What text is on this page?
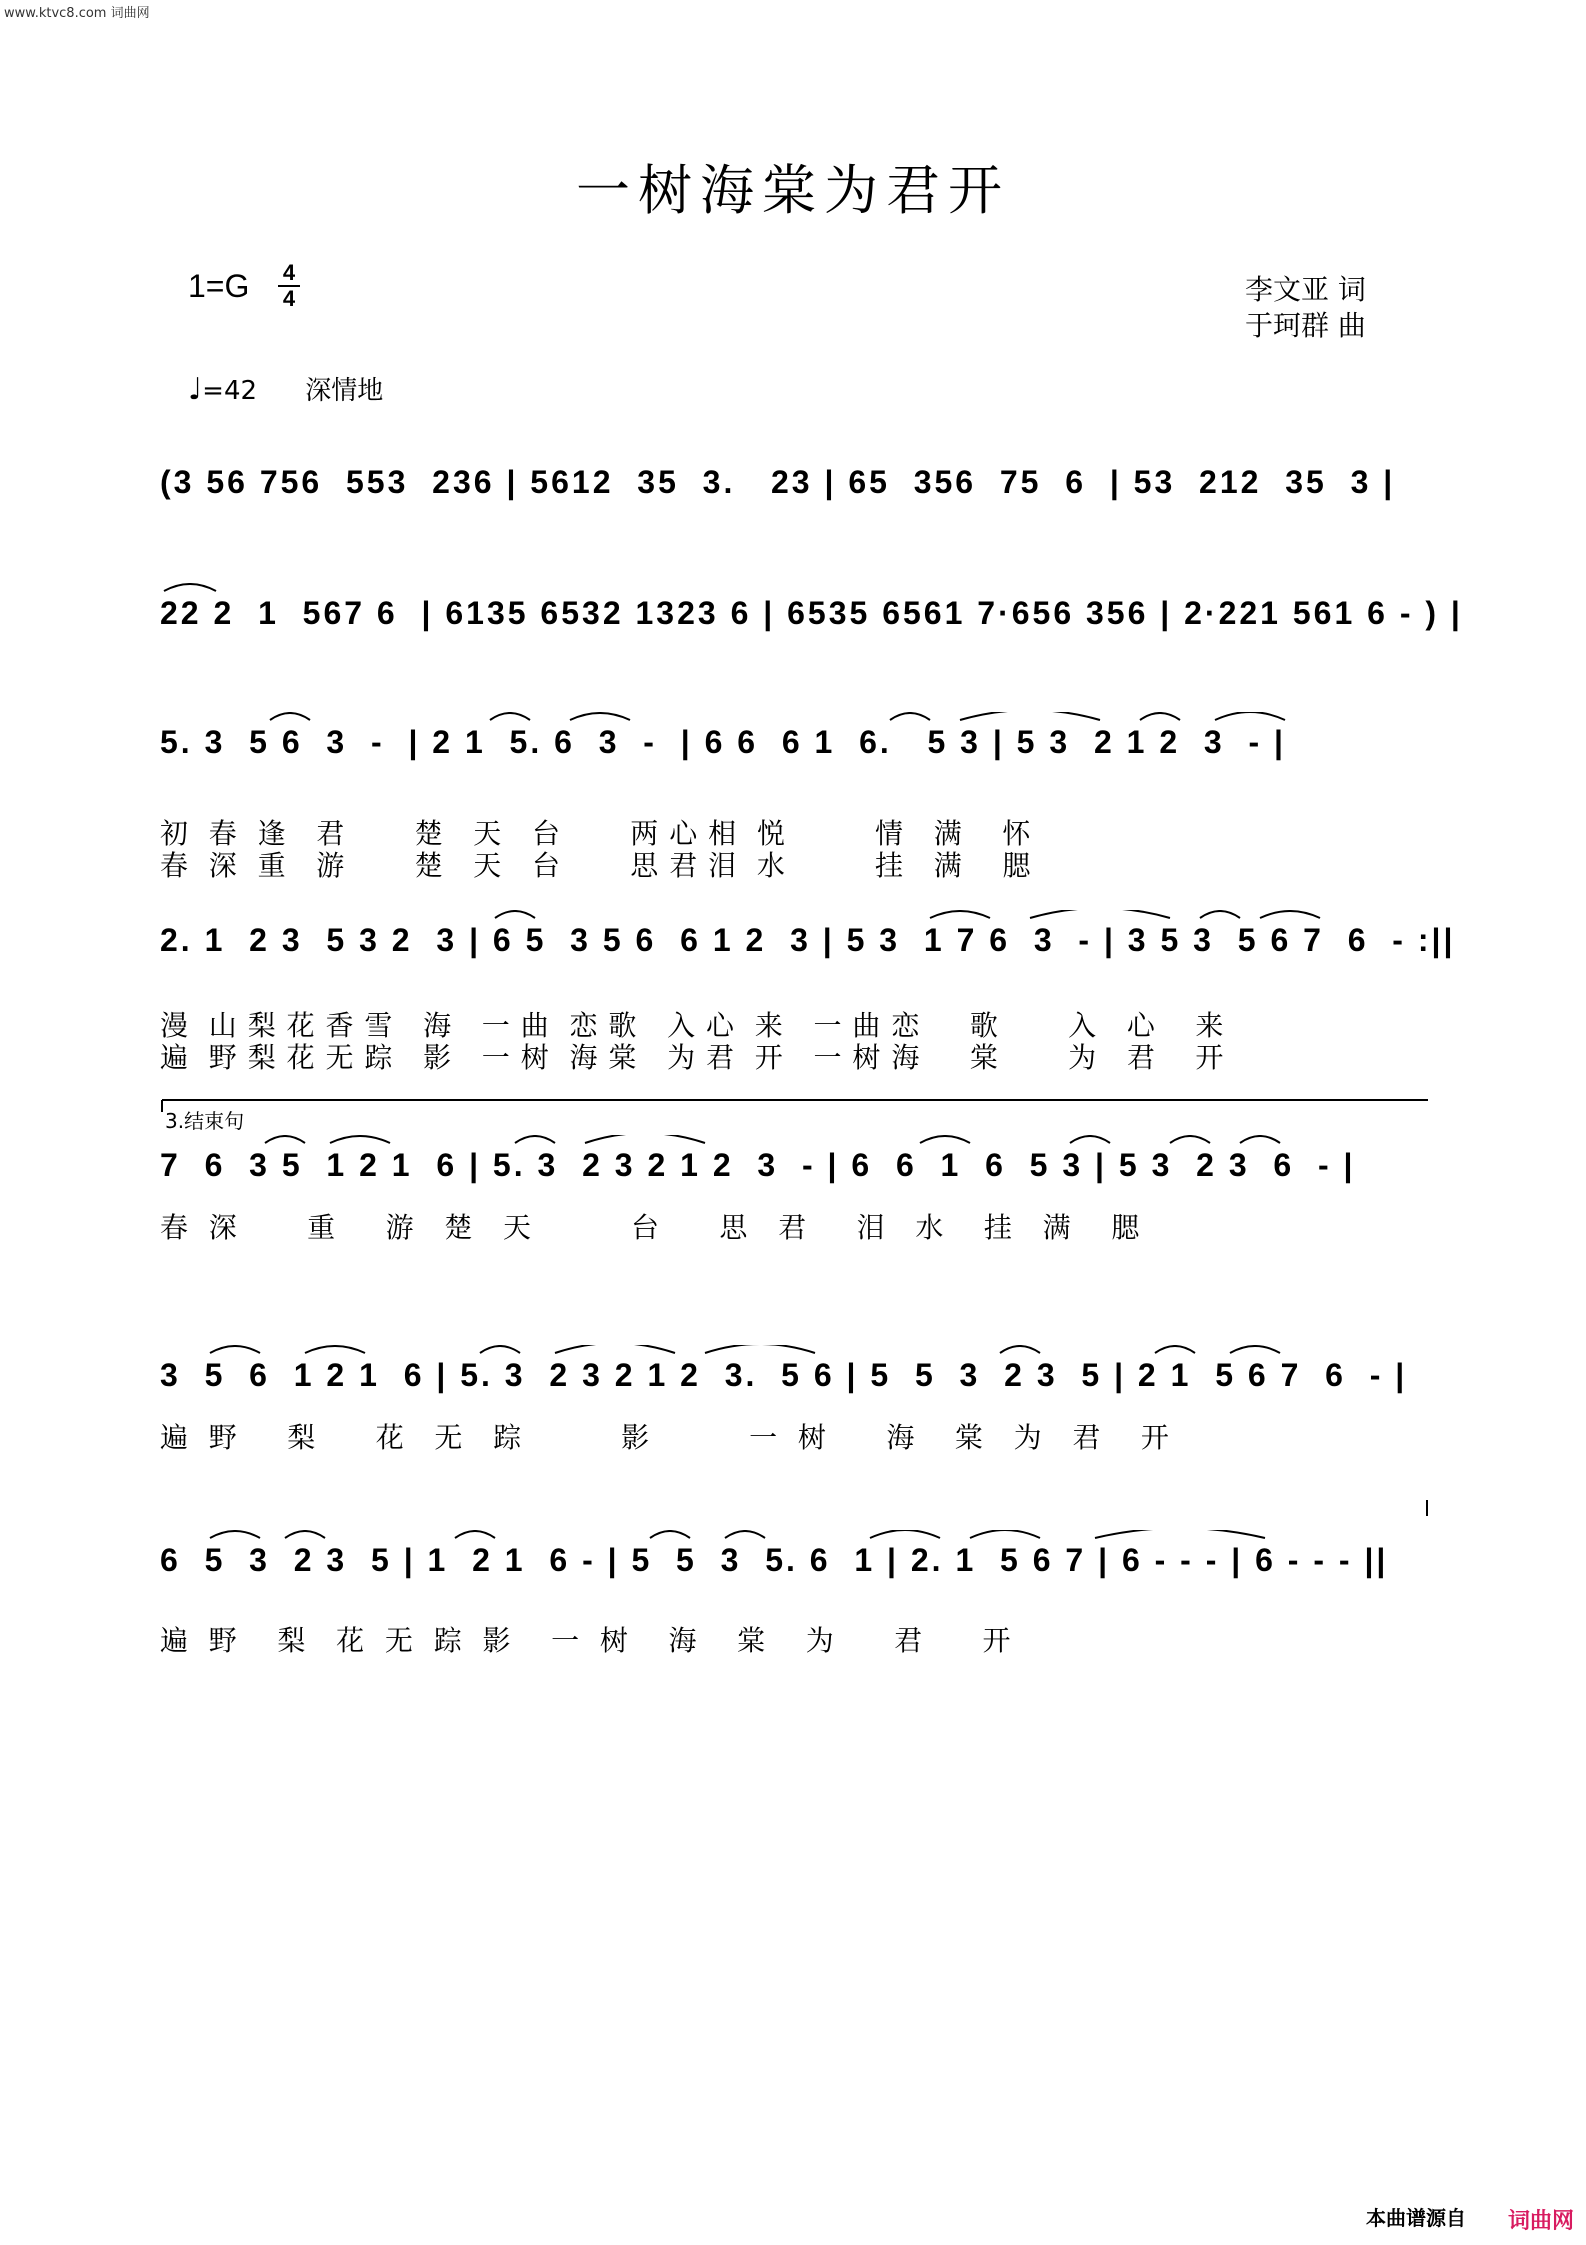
www.ktvc8.com 词曲网
一树海棠为君开
1=G 4
4	李文亚 词
于珂群 曲
♩=42 深情地
(3 56 756  553  236 | 5612  35  3.   23 | 65  356  75  6  | 53  212  35  3 |
22 2  1  567 6  | 6135 6532 1323 6 | 6535 6561 7·656 356 | 2·221 561 6 - ) |
5. 3  5 6  3  -  | 2 1  5. 6  3  -  | 6 6  6 1  6.   5 3 | 5 3  2 1 2  3  - |
初  春  逢   君       楚   天   台       两 心 相  悦         情   满    怀
春  深  重   游       楚   天   台       思 君 泪  水         挂   满    腮
2. 1  2 3  5 3 2  3 | 6 5  3 5 6  6 1 2  3 | 5 3  1 7 6  3  - | 3 5 3  5 6 7  6  - :||
漫  山 梨 花 香 雪   海   一 曲  恋 歌   入 心  来   一 曲 恋     歌       入   心    来
遍  野 梨 花 无 踪   影   一 树  海 棠   为 君  开   一 树 海     棠       为   君    开
3.结束句
7  6  3 5  1 2 1  6 | 5. 3  2 3 2 1 2  3  - | 6  6  1  6  5 3 | 5 3  2 3  6  - |
春  深       重     游   楚   天          台      思   君     泪   水    挂   满    腮
3  5  6  1 2 1  6 | 5. 3  2 3 2 1 2  3.  5 6 | 5  5  3  2 3  5 | 2 1  5 6 7  6  - |
遍  野     梨      花   无   踪          影          一  树      海    棠   为   君    开
6  5  3  2 3  5 | 1  2 1  6 - | 5  5  3  5. 6  1 | 2. 1  5 6 7 | 6 - - - | 6 - - - ||
遍  野    梨   花  无  踪  影    一  树    海    棠    为      君      开
本曲谱源自 词曲网
